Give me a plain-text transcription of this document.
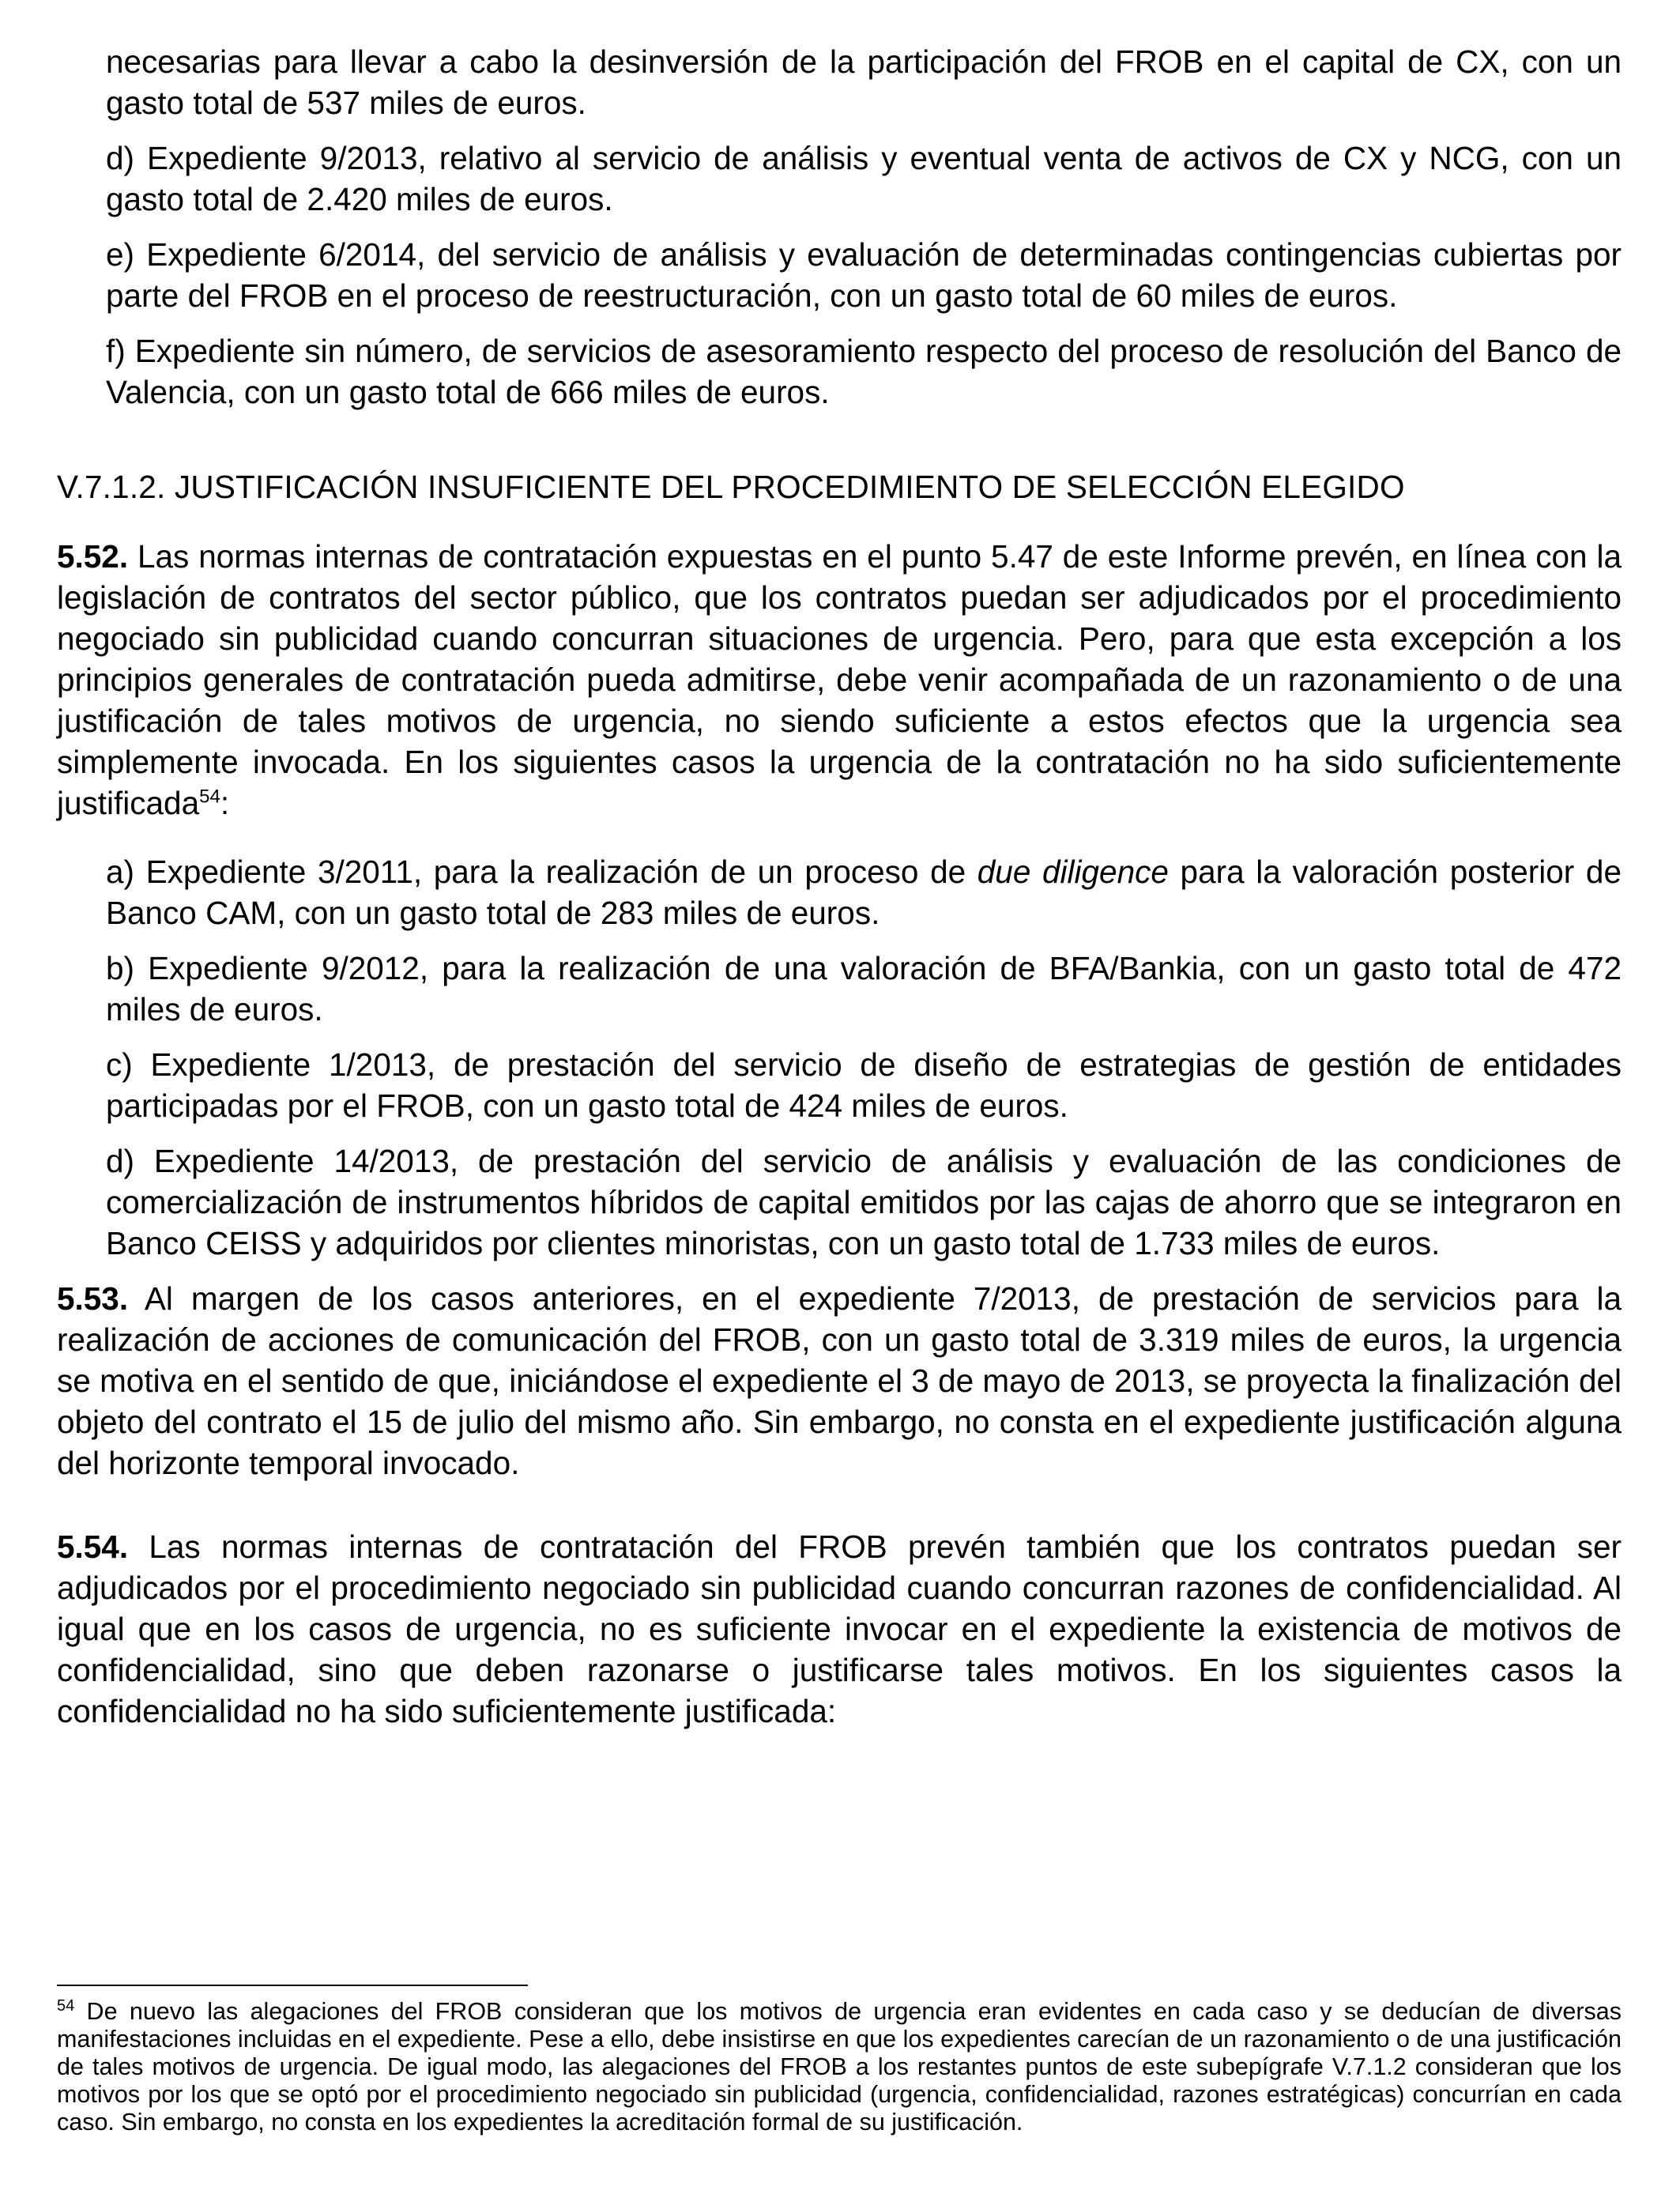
necesarias para llevar a cabo la desinversión de la participación del FROB en el capital de CX, con un gasto total de 537 miles de euros.

d) Expediente 9/2013, relativo al servicio de análisis y eventual venta de activos de CX y NCG, con un gasto total de 2.420 miles de euros.

e) Expediente 6/2014, del servicio de análisis y evaluación de determinadas contingencias cubiertas por parte del FROB en el proceso de reestructuración, con un gasto total de 60 miles de euros.

f) Expediente sin número, de servicios de asesoramiento respecto del proceso de resolución del Banco de Valencia, con un gasto total de 666 miles de euros.

V.7.1.2. JUSTIFICACIÓN INSUFICIENTE DEL PROCEDIMIENTO DE SELECCIÓN ELEGIDO

5.52. Las normas internas de contratación expuestas en el punto 5.47 de este Informe prevén, en línea con la legislación de contratos del sector público, que los contratos puedan ser adjudicados por el procedimiento negociado sin publicidad cuando concurran situaciones de urgencia. Pero, para que esta excepción a los principios generales de contratación pueda admitirse, debe venir acompañada de un razonamiento o de una justificación de tales motivos de urgencia, no siendo suficiente a estos efectos que la urgencia sea simplemente invocada. En los siguientes casos la urgencia de la contratación no ha sido suficientemente justificada$^{54}$:

a) Expediente 3/2011, para la realización de un proceso de due diligence para la valoración posterior de Banco CAM, con un gasto total de 283 miles de euros.

b) Expediente 9/2012, para la realización de una valoración de BFA/Bankia, con un gasto total de 472 miles de euros.

c) Expediente 1/2013, de prestación del servicio de diseño de estrategias de gestión de entidades participadas por el FROB, con un gasto total de 424 miles de euros.

d) Expediente 14/2013, de prestación del servicio de análisis y evaluación de las condiciones de comercialización de instrumentos híbridos de capital emitidos por las cajas de ahorro que se integraron en Banco CEISS y adquiridos por clientes minoristas, con un gasto total de 1.733 miles de euros.

5.53. Al margen de los casos anteriores, en el expediente 7/2013, de prestación de servicios para la realización de acciones de comunicación del FROB, con un gasto total de 3.319 miles de euros, la urgencia se motiva en el sentido de que, iniciándose el expediente el 3 de mayo de 2013, se proyecta la finalización del objeto del contrato el 15 de julio del mismo año. Sin embargo, no consta en el expediente justificación alguna del horizonte temporal invocado.

5.54. Las normas internas de contratación del FROB prevén también que los contratos puedan ser adjudicados por el procedimiento negociado sin publicidad cuando concurran razones de confidencialidad. Al igual que en los casos de urgencia, no es suficiente invocar en el expediente la existencia de motivos de confidencialidad, sino que deben razonarse o justificarse tales motivos. En los siguientes casos la confidencialidad no ha sido suficientemente justificada:

$^{54}$ De nuevo las alegaciones del FROB consideran que los motivos de urgencia eran evidentes en cada caso y se deducían de diversas manifestaciones incluidas en el expediente. Pese a ello, debe insistirse en que los expedientes carecían de un razonamiento o de una justificación de tales motivos de urgencia. De igual modo, las alegaciones del FROB a los restantes puntos de este subepígrafe V.7.1.2 consideran que los motivos por los que se optó por el procedimiento negociado sin publicidad (urgencia, confidencialidad, razones estratégicas) concurrían en cada caso. Sin embargo, no consta en los expedientes la acreditación formal de su justificación.
